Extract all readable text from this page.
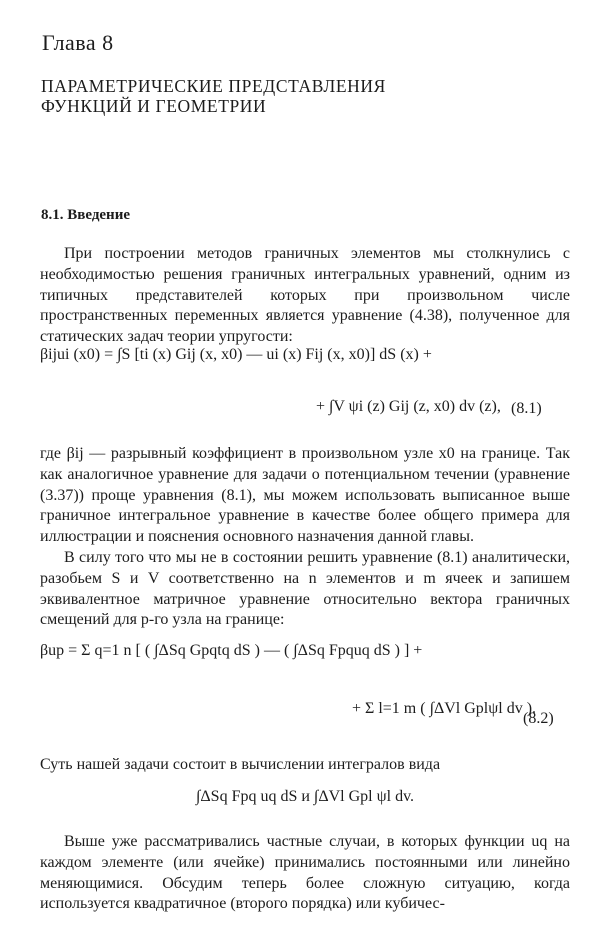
Глава 8
ПАРАМЕТРИЧЕСКИЕ ПРЕДСТАВЛЕНИЯ
ФУНКЦИЙ И ГЕОМЕТРИИ
8.1. Введение
При построении методов граничных элементов мы столкнулись с необходимостью решения граничных интегральных уравнений, одним из типичных представителей которых при произвольном числе пространственных переменных является уравнение (4.38), полученное для статических задач теории упругости:
βijui (x0) = ∫S [ti (x) Gij (x, x0) — ui (x) Fij (x, x0)] dS (x) +
+ ∫V ψi (z) Gij (z, x0) dv (z), (8.1)
где βij — разрывный коэффициент в произвольном узле x0 на границе. Так как аналогичное уравнение для задачи о потенциальном течении (уравнение (3.37)) проще уравнения (8.1), мы можем использовать выписанное выше граничное интегральное уравнение в качестве более общего примера для иллюстрации и пояснения основного назначения данной главы.
В силу того что мы не в состоянии решить уравнение (8.1) аналитически, разобьем S и V соответственно на n элементов и m ячеек и запишем эквивалентное матричное уравнение относительно вектора граничных смещений для p-го узла на границе:
βup = Σ q=1 n [ ( ∫ΔSq Gpqtq dS ) — ( ∫ΔSq Fpquq dS ) ] +
+ Σ l=1 m ( ∫ΔVl Gplψl dv ).
(8.2)
Суть нашей задачи состоит в вычислении интегралов вида
∫ΔSq Fpq uq dS и ∫ΔVl Gpl ψl dv.
Выше уже рассматривались частные случаи, в которых функции uq на каждом элементе (или ячейке) принимались постоянными или линейно меняющимися. Обсудим теперь более сложную ситуацию, когда используется квадратичное (второго порядка) или кубичес-
